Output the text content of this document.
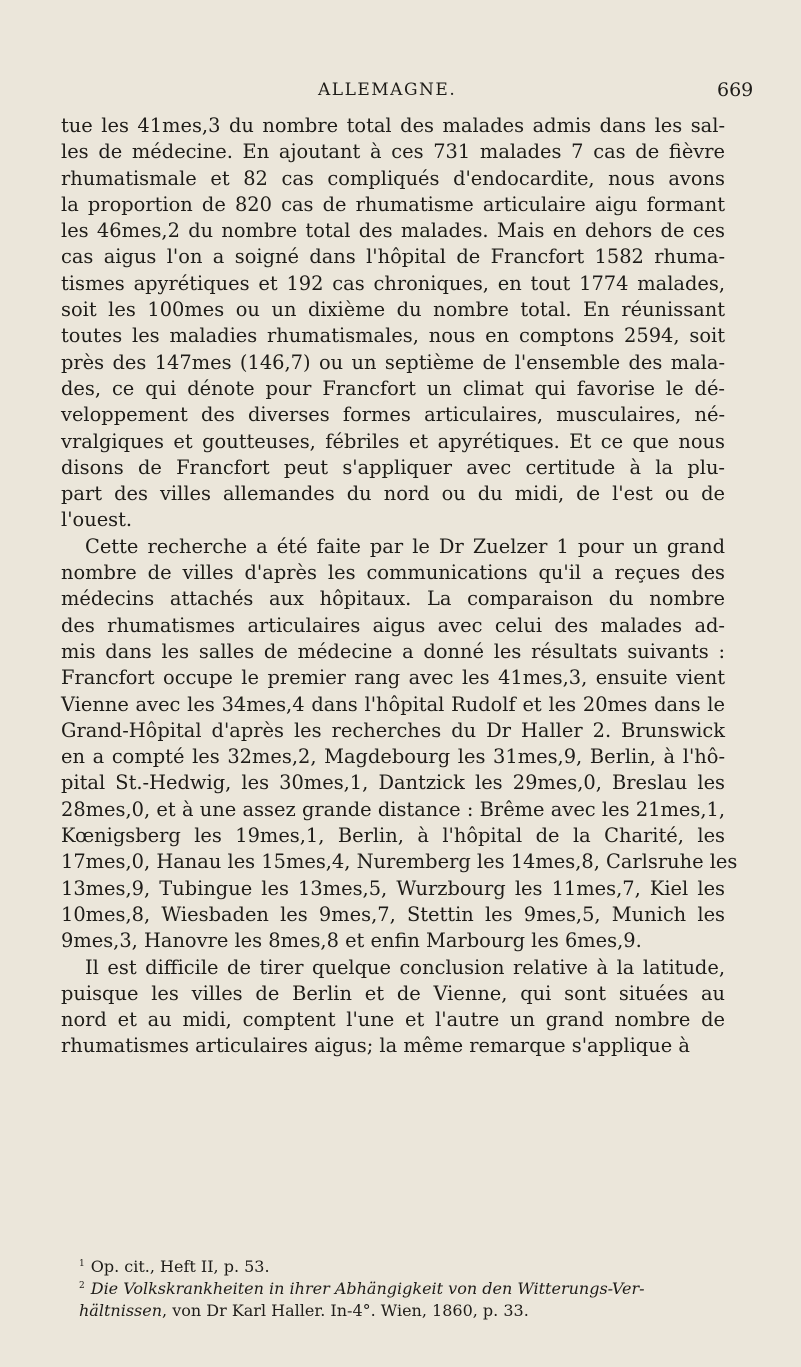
ALLEMAGNE.	669
tue les 41mes,3 du nombre total des malades admis dans les sal-
les de médecine. En ajoutant à ces 731 malades 7 cas de fièvre
rhumatismale et 82 cas compliqués d'endocardite, nous avons
la proportion de 820 cas de rhumatisme articulaire aigu formant
les 46mes,2 du nombre total des malades. Mais en dehors de ces
cas aigus l'on a soigné dans l'hôpital de Francfort 1582 rhuma-
tismes apyrétiques et 192 cas chroniques, en tout 1774 malades,
soit les 100mes ou un dixième du nombre total. En réunissant
toutes les maladies rhumatismales, nous en comptons 2594, soit
près des 147mes (146,7) ou un septième de l'ensemble des mala-
des, ce qui dénote pour Francfort un climat qui favorise le dé-
veloppement des diverses formes articulaires, musculaires, né-
vralgiques et goutteuses, fébriles et apyrétiques. Et ce que nous
disons de Francfort peut s'appliquer avec certitude à la plu-
part des villes allemandes du nord ou du midi, de l'est ou de
l'ouest.
Cette recherche a été faite par le Dr Zuelzer 1 pour un grand
nombre de villes d'après les communications qu'il a reçues des
médecins attachés aux hôpitaux. La comparaison du nombre
des rhumatismes articulaires aigus avec celui des malades ad-
mis dans les salles de médecine a donné les résultats suivants :
Francfort occupe le premier rang avec les 41mes,3, ensuite vient
Vienne avec les 34mes,4 dans l'hôpital Rudolf et les 20mes dans le
Grand-Hôpital d'après les recherches du Dr Haller 2. Brunswick
en a compté les 32mes,2, Magdebourg les 31mes,9, Berlin, à l'hô-
pital St.-Hedwig, les 30mes,1, Dantzick les 29mes,0, Breslau les
28mes,0, et à une assez grande distance : Brême avec les 21mes,1,
Kœnigsberg les 19mes,1, Berlin, à l'hôpital de la Charité, les
17mes,0, Hanau les 15mes,4, Nuremberg les 14mes,8, Carlsruhe les
13mes,9, Tubingue les 13mes,5, Wurzbourg les 11mes,7, Kiel les
10mes,8, Wiesbaden les 9mes,7, Stettin les 9mes,5, Munich les
9mes,3, Hanovre les 8mes,8 et enfin Marbourg les 6mes,9.
Il est difficile de tirer quelque conclusion relative à la latitude,
puisque les villes de Berlin et de Vienne, qui sont situées au
nord et au midi, comptent l'une et l'autre un grand nombre de
rhumatismes articulaires aigus; la même remarque s'applique à

$^1$ Op. cit., Heft II, p. 53.

$^2$ Die Volkskrankheiten in ihrer Abhängigkeit von den Witterungs-Ver-

hältnissen, von Dr Karl Haller. In-4°. Wien, 1860, p. 33.
